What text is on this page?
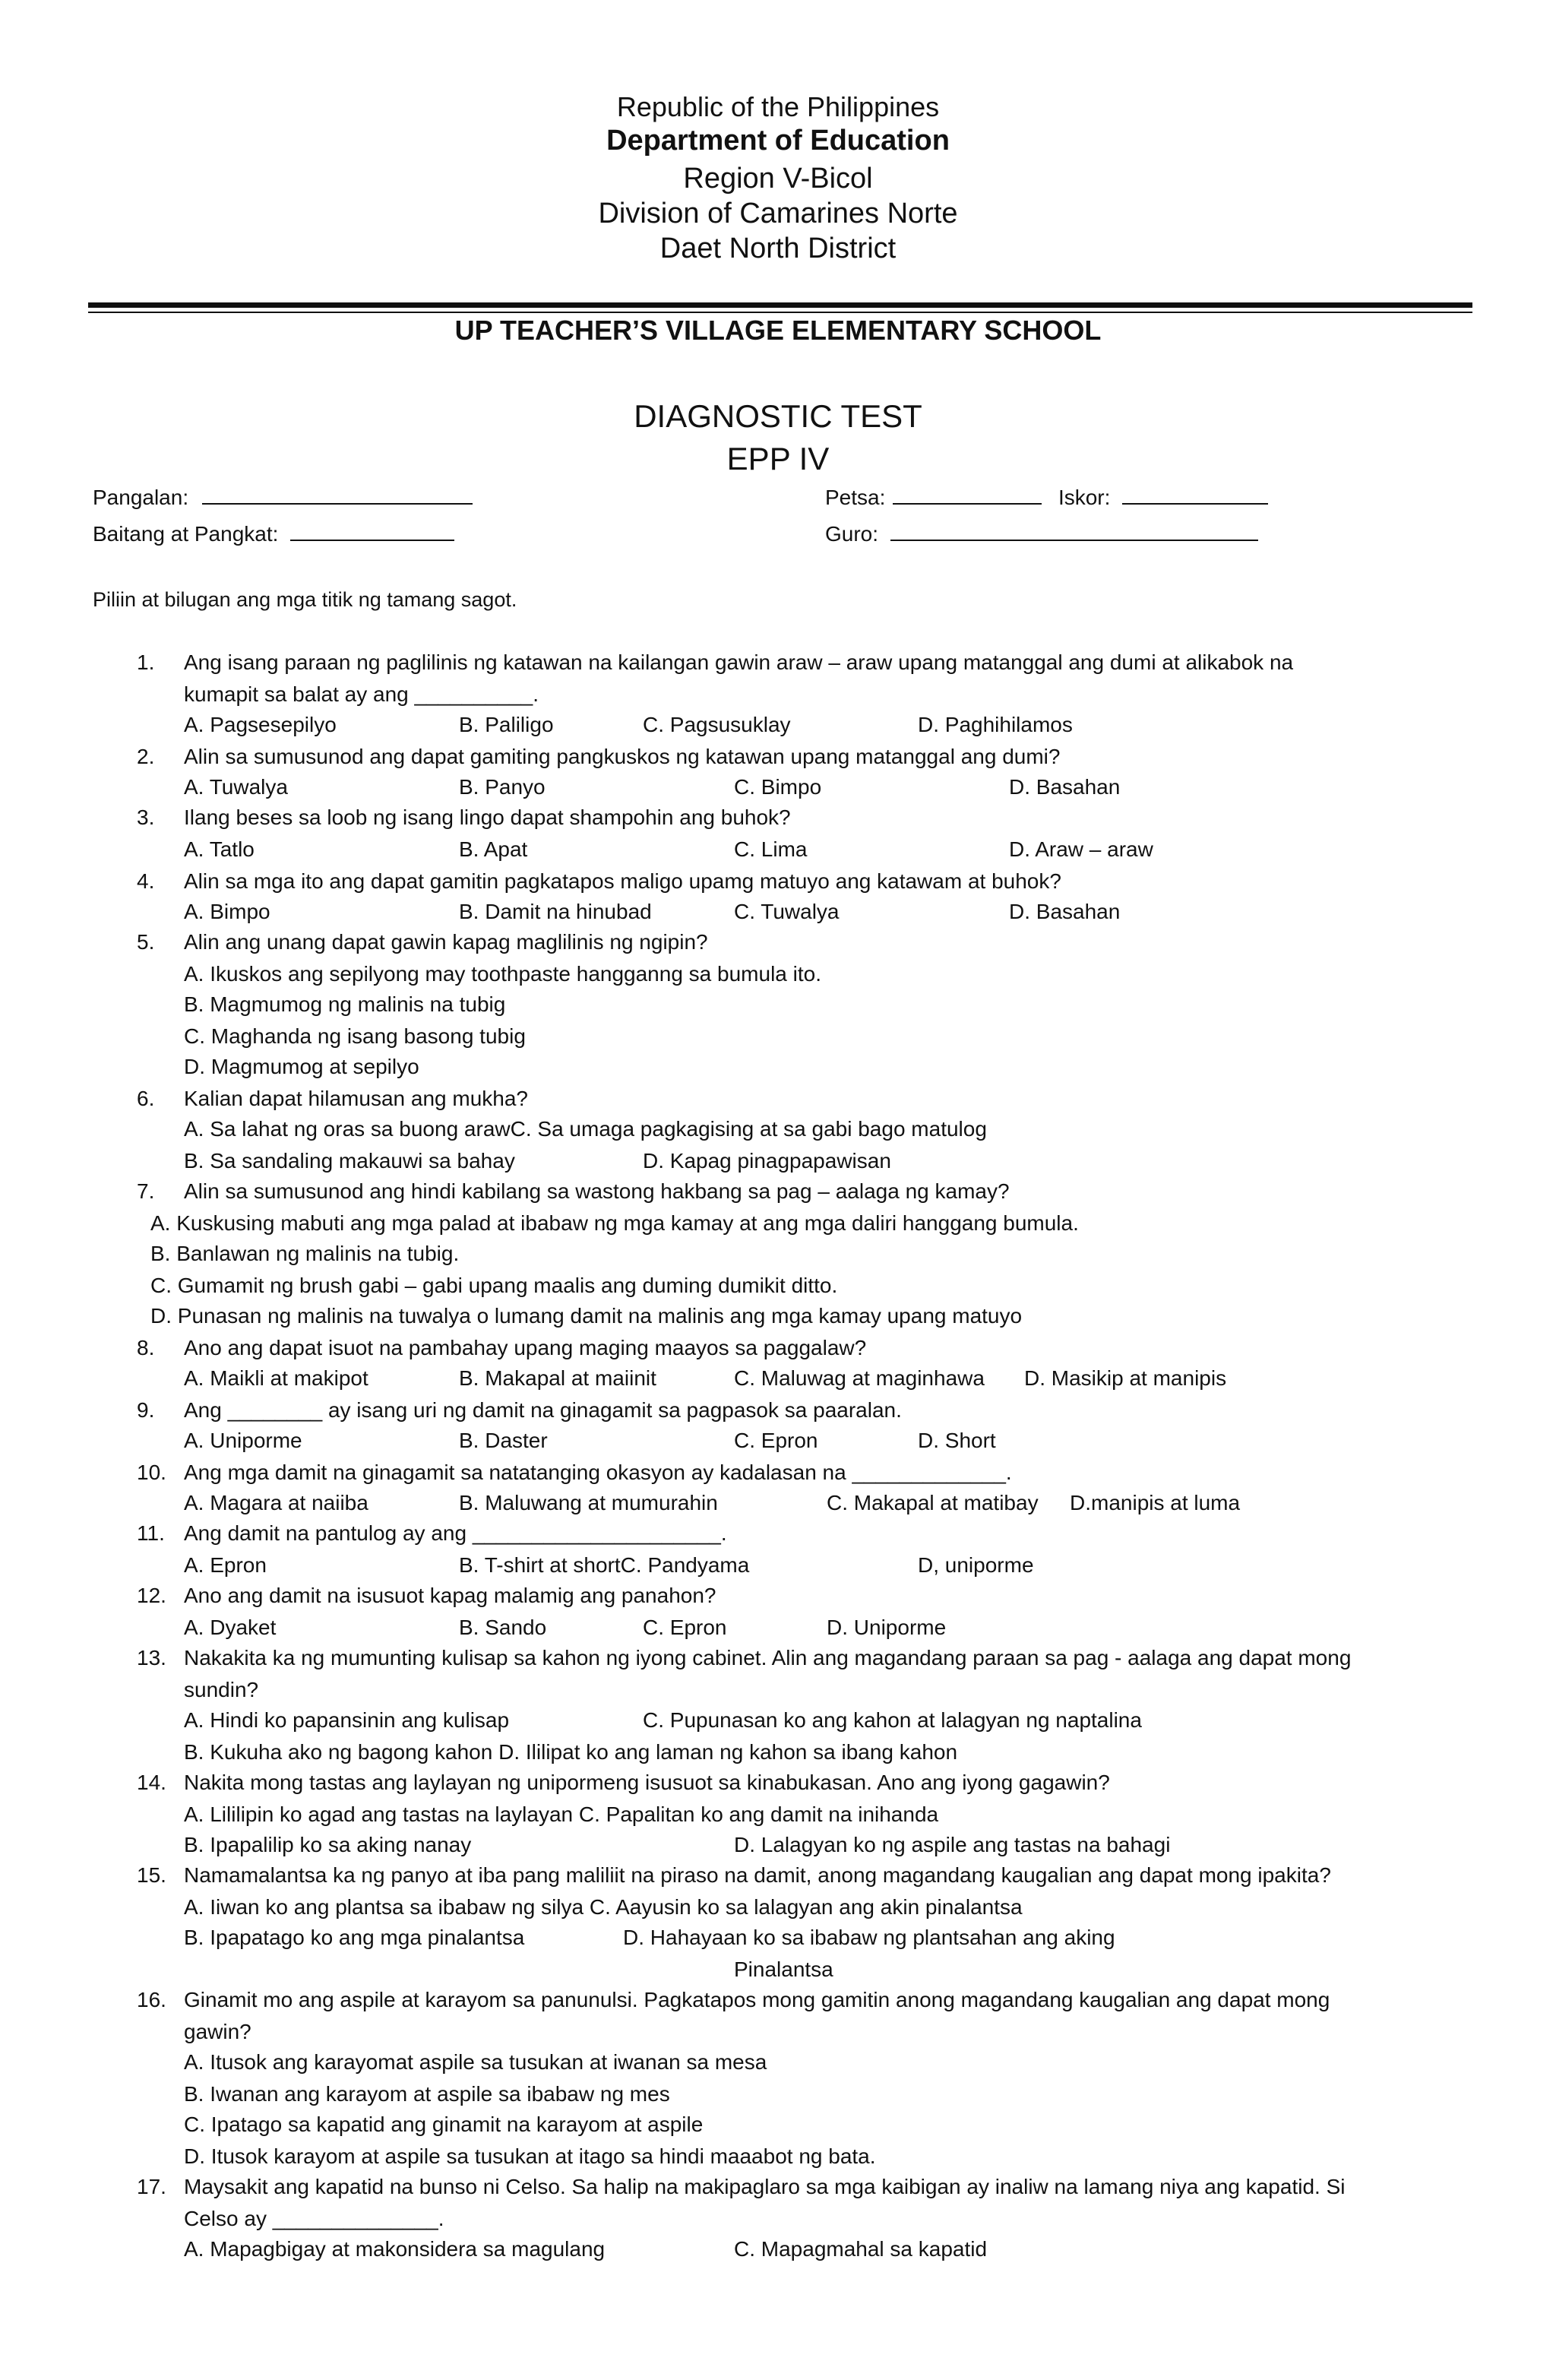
Republic of the Philippines
Department of Education
Region V-Bicol
Division of Camarines Norte
Daet North District
UP TEACHER’S VILLAGE ELEMENTARY SCHOOL
DIAGNOSTIC TEST
EPP IV
Pangalan:
Baitang at Pangkat:
Petsa:	Iskor:
Guro:
Piliin at bilugan ang mga titik ng tamang sagot.
1. Ang isang paraan ng paglilinis ng katawan na kailangan gawin araw – araw upang matanggal ang dumi at alikabok na
kumapit sa balat ay ang __________.
A. Pagsesepilyo	B. Paliligo	C. Pagsusuklay	D. Paghihilamos
2. Alin sa sumusunod ang dapat gamiting pangkuskos ng katawan upang matanggal ang dumi?
A. Tuwalya	B. Panyo	C. Bimpo	D. Basahan
3. Ilang beses sa loob ng isang lingo dapat shampohin ang buhok?
A. Tatlo	B. Apat	C. Lima	D. Araw – araw
4. Alin sa mga ito ang dapat gamitin pagkatapos maligo upamg matuyo ang katawam at buhok?
A. Bimpo	B. Damit na hinubad	C. Tuwalya	D. Basahan
5. Alin ang unang dapat gawin kapag maglilinis ng ngipin?
A. Ikuskos ang sepilyong may toothpaste hangganng sa bumula ito.
B. Magmumog ng malinis na tubig
C. Maghanda ng isang basong tubig
D. Magmumog at sepilyo
6. Kalian dapat hilamusan ang mukha?
A. Sa lahat ng oras sa buong arawC. Sa umaga pagkagising at sa gabi bago matulog
B. Sa sandaling makauwi sa bahay	D. Kapag pinagpapawisan
7. Alin sa sumusunod ang hindi kabilang sa wastong hakbang sa pag – aalaga ng kamay?
A. Kuskusing mabuti ang mga palad at ibabaw ng mga kamay at ang mga daliri hanggang bumula.
B. Banlawan ng malinis na tubig.
C. Gumamit ng brush gabi – gabi upang maalis ang duming dumikit ditto.
D. Punasan ng malinis na tuwalya o lumang damit na malinis ang mga kamay upang matuyo
8. Ano ang dapat isuot na pambahay upang maging maayos sa paggalaw?
A. Maikli at makipot	B. Makapal at maiinit	C. Maluwag at maginhawa D. Masikip at manipis
9. Ang ________ ay isang uri ng damit na ginagamit sa pagpasok sa paaralan.
A. Uniporme	B. Daster	C. Epron	D. Short
10. Ang mga damit na ginagamit sa natatanging okasyon ay kadalasan na _____________.
A. Magara at naiiba	B. Maluwang at mumurahin	C. Makapal at matibay D.manipis at luma
11. Ang damit na pantulog ay ang _____________________.
A. Epron	B. T-shirt at shortC. Pandyama	D, uniporme
12. Ano ang damit na isusuot kapag malamig ang panahon?
A. Dyaket	B. Sando	C. Epron	D. Uniporme
13. Nakakita ka ng mumunting kulisap sa kahon ng iyong cabinet. Alin ang magandang paraan sa pag - aalaga ang dapat mong
sundin?
A. Hindi ko papansinin ang kulisap	C. Pupunasan ko ang kahon at lalagyan ng naptalina
B. Kukuha ako ng bagong kahon D. Ililipat ko ang laman ng kahon sa ibang kahon
14. Nakita mong tastas ang laylayan ng unipormeng isusuot sa kinabukasan. Ano ang iyong gagawin?
A. Lililipin ko agad ang tastas na laylayan C. Papalitan ko ang damit na inihanda
B. Ipapalilip ko sa aking nanay	D. Lalagyan ko ng aspile ang tastas na bahagi
15. Namamalantsa ka ng panyo at iba pang maliliit na piraso na damit, anong magandang kaugalian ang dapat mong ipakita?
A. Iiwan ko ang plantsa sa ibabaw ng silya C. Aayusin ko sa lalagyan ang akin pinalantsa
B. Ipapatago ko ang mga pinalantsa	D. Hahayaan ko sa ibabaw ng plantsahan ang aking
Pinalantsa
16. Ginamit mo ang aspile at karayom sa panunulsi. Pagkatapos mong gamitin anong magandang kaugalian ang dapat mong
gawin?
A. Itusok ang karayomat aspile sa tusukan at iwanan sa mesa
B. Iwanan ang karayom at aspile sa ibabaw ng mes
C. Ipatago sa kapatid ang ginamit na karayom at aspile
D. Itusok karayom at aspile sa tusukan at itago sa hindi maaabot ng bata.
17. Maysakit ang kapatid na bunso ni Celso. Sa halip na makipaglaro sa mga kaibigan ay inaliw na lamang niya ang kapatid. Si
Celso ay ______________.
A. Mapagbigay at makonsidera sa magulang	C. Mapagmahal sa kapatid
